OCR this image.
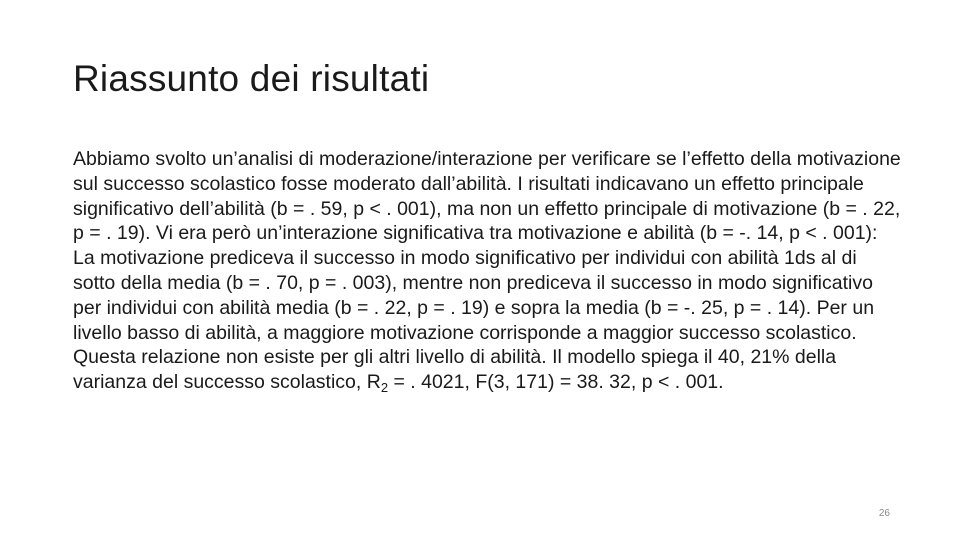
Riassunto dei risultati

Abbiamo svolto un’analisi di moderazione/interazione per verificare se l’effetto della motivazione sul successo scolastico fosse moderato dall’abilità. I risultati indicavano un effetto principale significativo dell’abilità (b = . 59, p < . 001), ma non un effetto principale di motivazione (b = . 22, p = . 19). Vi era però un’interazione significativa tra motivazione e abilità (b = -. 14, p < . 001): La motivazione prediceva il successo in modo significativo per individui con abilità 1ds al di sotto della media (b = . 70, p = . 003), mentre non prediceva il successo in modo significativo per individui con abilità media (b = . 22, p = . 19) e sopra la media (b = -. 25, p = . 14). Per un livello basso di abilità, a maggiore motivazione corrisponde a maggior successo scolastico. Questa relazione non esiste per gli altri livello di abilità. Il modello spiega il 40, 21% della varianza del successo scolastico, $R_2$ = . 4021, F(3, 171) = 38. 32, p < . 001.

26
